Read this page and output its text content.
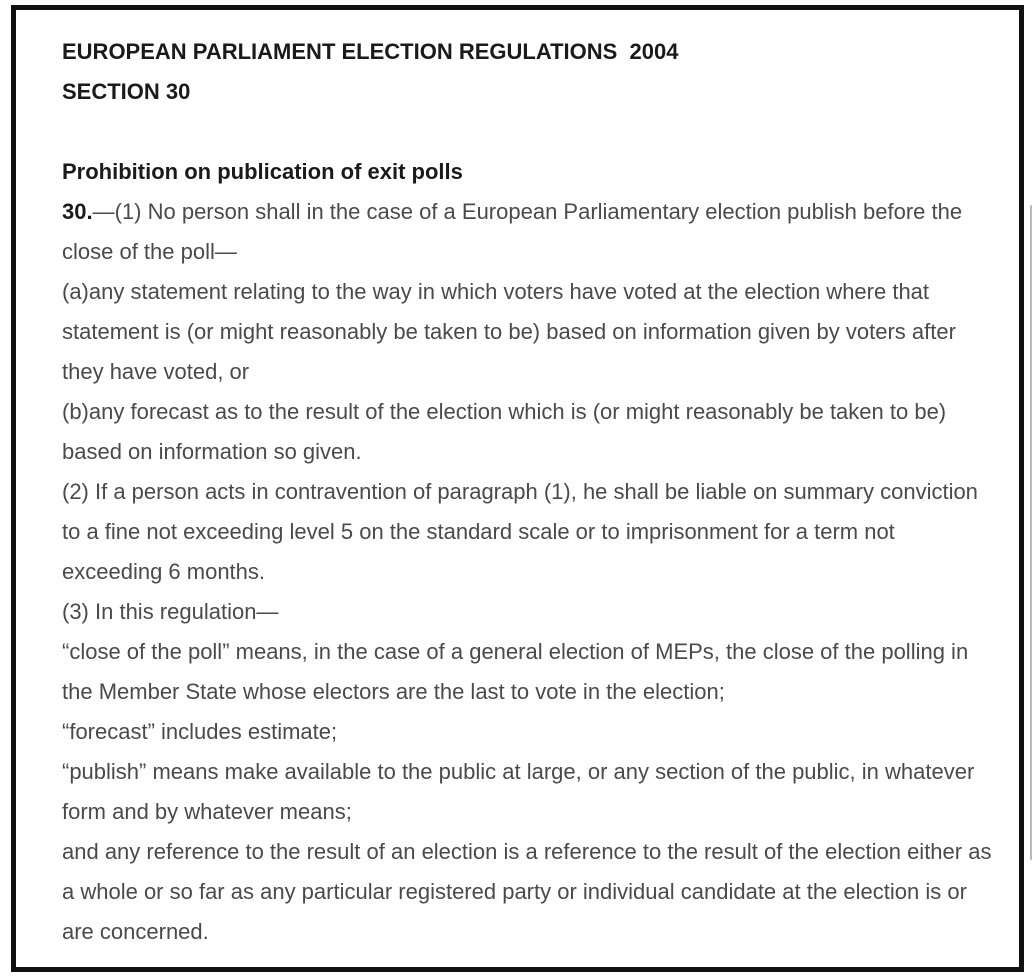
EUROPEAN PARLIAMENT ELECTION REGULATIONS  2004
SECTION 30
Prohibition on publication of exit polls

30.—(1) No person shall in the case of a European Parliamentary election publish before the close of the poll—

(a)any statement relating to the way in which voters have voted at the election where that statement is (or might reasonably be taken to be) based on information given by voters after they have voted, or

(b)any forecast as to the result of the election which is (or might reasonably be taken to be) based on information so given.

(2) If a person acts in contravention of paragraph (1), he shall be liable on summary conviction to a fine not exceeding level 5 on the standard scale or to imprisonment for a term not exceeding 6 months.

(3) In this regulation—

“close of the poll” means, in the case of a general election of MEPs, the close of the polling in the Member State whose electors are the last to vote in the election;

“forecast” includes estimate;

“publish” means make available to the public at large, or any section of the public, in whatever form and by whatever means;

and any reference to the result of an election is a reference to the result of the election either as a whole or so far as any particular registered party or individual candidate at the election is or are concerned.
